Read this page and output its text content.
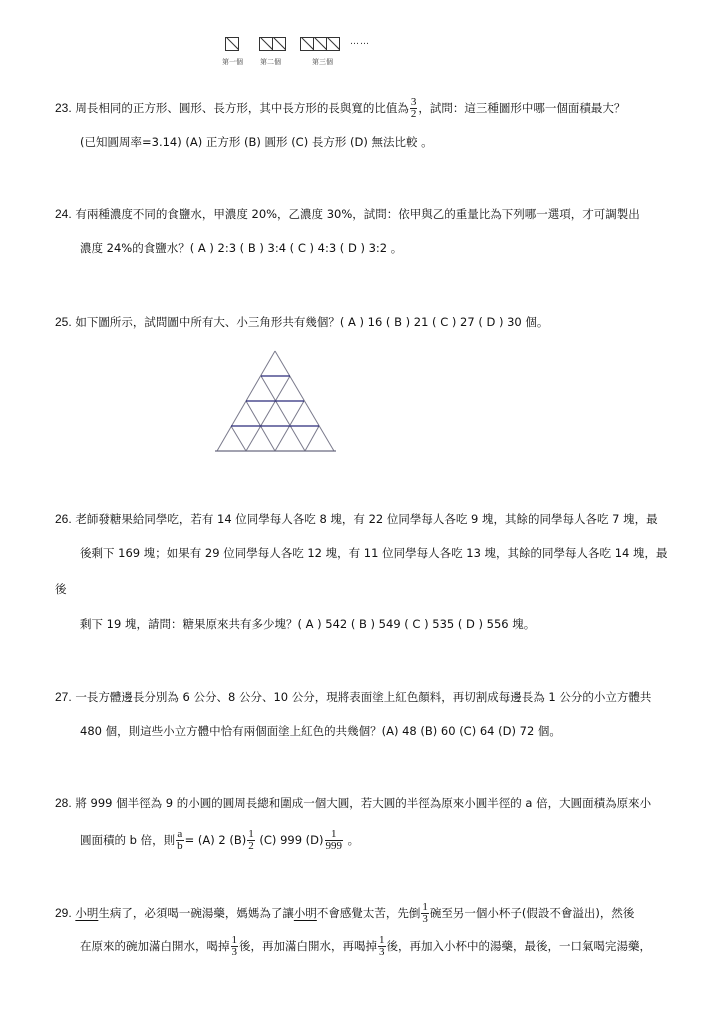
……
第一個 第二個	第三個
23. 周長相同的正方形、圓形、長方形，其中長方形的長與寬的比值為 $\frac{3}{2}$ ，試問：這三種圖形中哪一個面積最大？
(已知圓周率=3.14) (A) 正方形 (B) 圓形 (C) 長方形 (D) 無法比較 。
24. 有兩種濃度不同的食鹽水，甲濃度 20%，乙濃度 30%，試問：依甲與乙的重量比為下列哪一選項，才可調製出
濃度 24%的食鹽水？( A ) 2:3 ( B ) 3:4 ( C ) 4:3 ( D ) 3:2 。
25. 如下圖所示，試問圖中所有大、小三角形共有幾個？( A ) 16 ( B ) 21 ( C ) 27 ( D ) 30 個。
26. 老師發糖果給同學吃，若有 14 位同學每人各吃 8 塊，有 22 位同學每人各吃 9 塊，其餘的同學每人各吃 7 塊，最
後剩下 169 塊；如果有 29 位同學每人各吃 12 塊，有 11 位同學每人各吃 13 塊，其餘的同學每人各吃 14 塊，最
後
剩下 19 塊，請問：糖果原來共有多少塊？( A ) 542 ( B ) 549 ( C ) 535 ( D ) 556 塊。
27. 一長方體邊長分別為 6 公分、8 公分、10 公分，現將表面塗上紅色顏料，再切割成每邊長為 1 公分的小立方體共
480 個，則這些小立方體中恰有兩個面塗上紅色的共幾個？(A) 48 (B) 60 (C) 64 (D) 72 個。
28. 將 999 個半徑為 9 的小圓的圓周長總和圍成一個大圓，若大圓的半徑為原來小圓半徑的 a 倍，大圓面積為原來小
圓面積的 b 倍，則 $\frac{a}{b} = (A)$ 2 $(B) \frac{1}{2} (C)$ 999 $(D) \frac{1}{999}$ 。
29. 小明生病了，必須喝一碗湯藥，媽媽為了讓小明不會感覺太苦，先倒 $\frac{1}{3}$ 碗至另一個小杯子(假設不會溢出)，然後
在原來的碗加滿白開水，喝掉 $\frac{1}{3}$ 後，再加滿白開水，再喝掉 $\frac{1}{3}$ 後，再加入小杯中的湯藥，最後，一口氣喝完湯藥，
